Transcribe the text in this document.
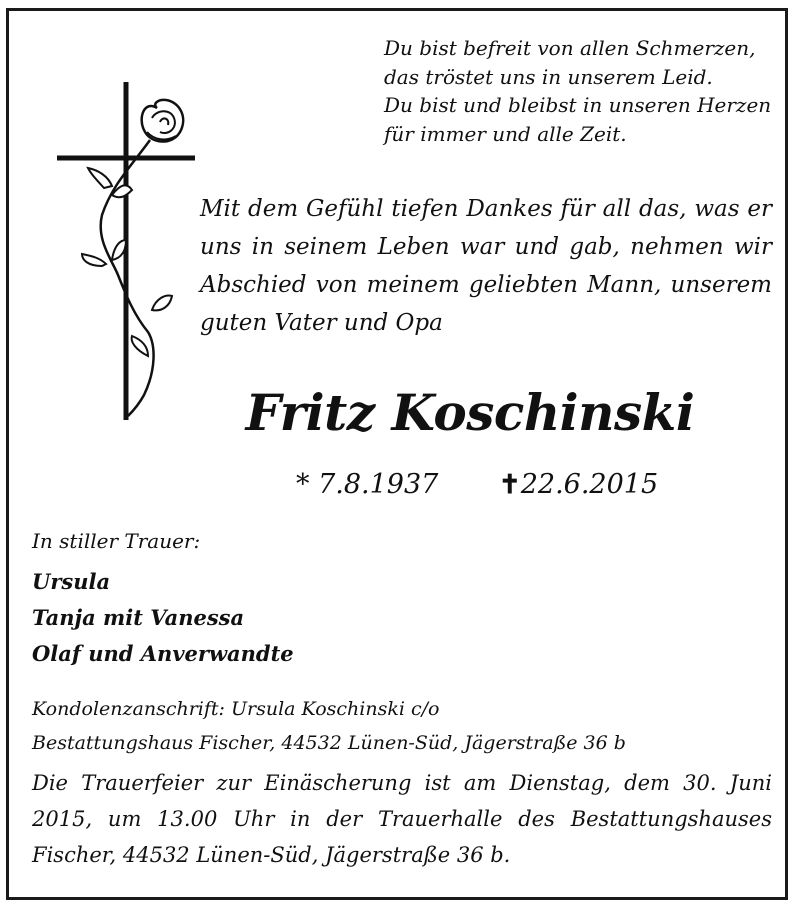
Du bist befreit von allen Schmerzen,
das tröstet uns in unserem Leid.
Du bist und bleibst in unseren Herzen
für immer und alle Zeit.
Mit dem Gefühl tiefen Dankes für all das, was er
uns in seinem Leben war und gab, nehmen wir
Abschied von meinem geliebten Mann, unserem
guten Vater und Opa
Fritz Koschinski
* 7.8.1937 ✝22.6.2015
In stiller Trauer:
Ursula
Tanja mit Vanessa
Olaf und Anverwandte
Kondolenzanschrift: Ursula Koschinski c/o
Bestattungshaus Fischer, 44532 Lünen-Süd, Jägerstraße 36 b
Die Trauerfeier zur Einäscherung ist am Dienstag, dem 30. Juni
2015, um 13.00 Uhr in der Trauerhalle des Bestattungshauses
Fischer, 44532 Lünen-Süd, Jägerstraße 36 b.
